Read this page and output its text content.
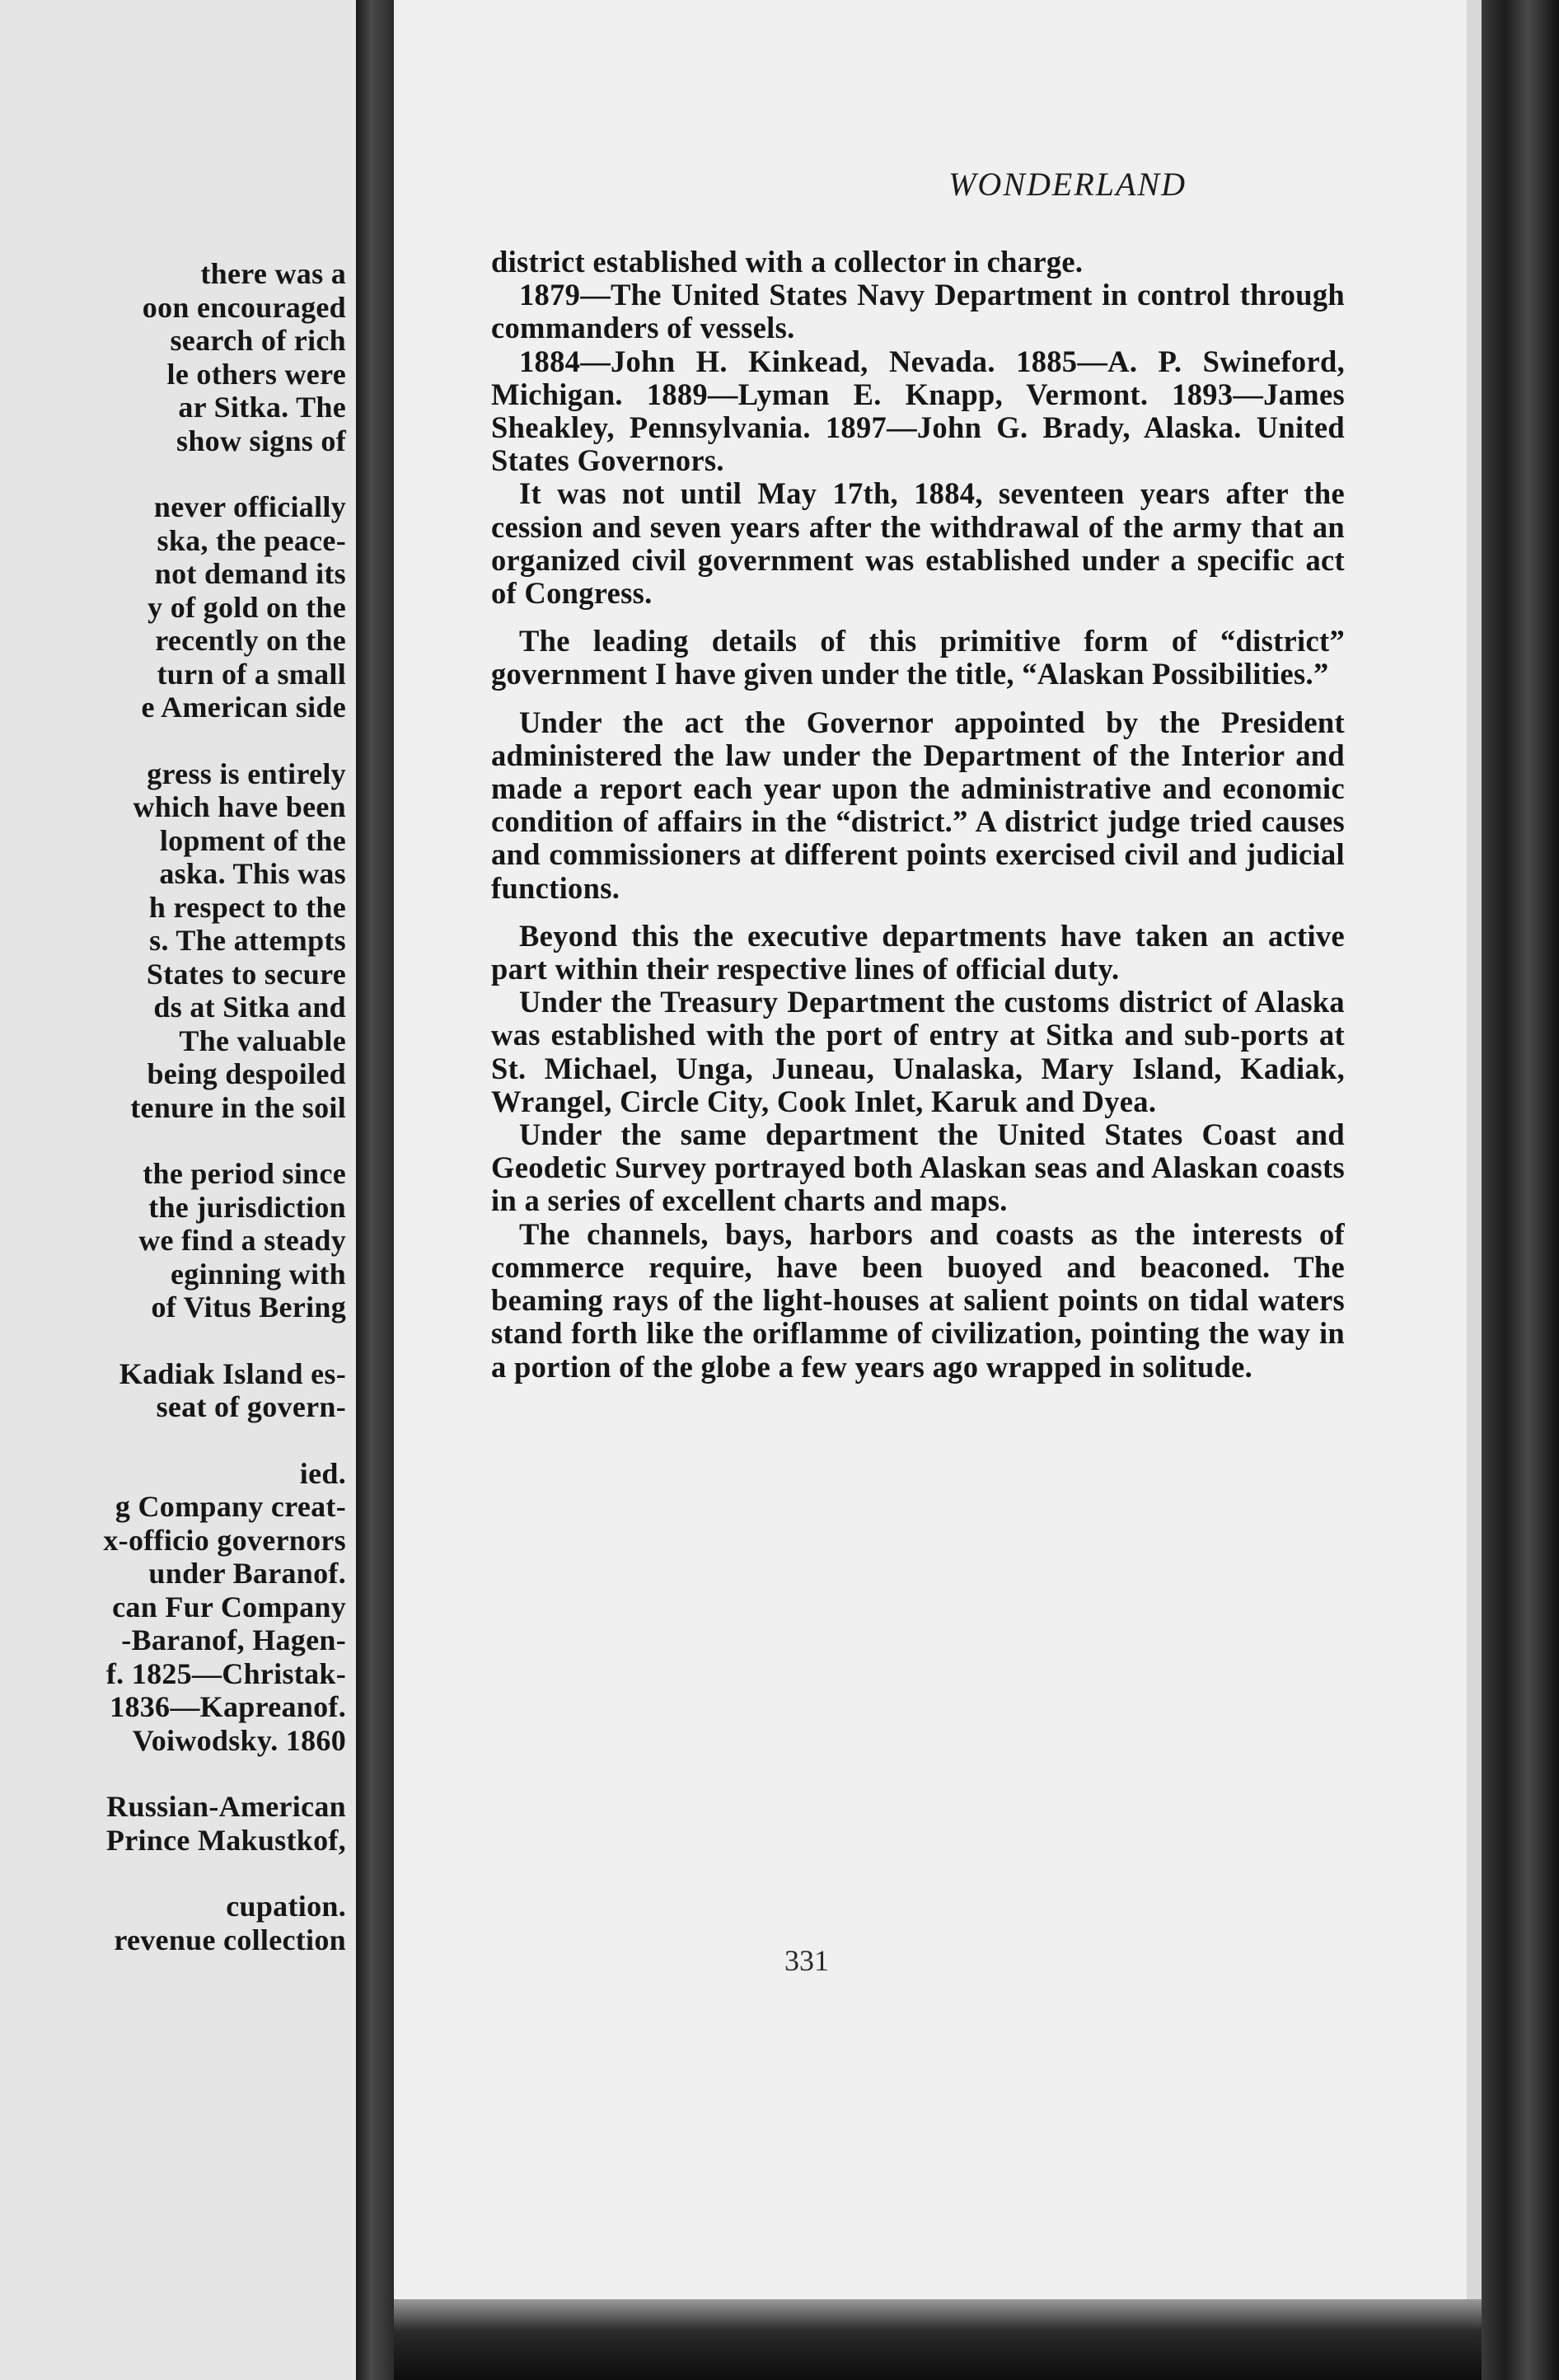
there was a
oon encouraged
search of rich
le others were
ar Sitka. The
show signs of
never officially
ska, the peace-
not demand its
y of gold on the
recently on the
turn of a small
e American side
gress is entirely
which have been
lopment of the
aska. This was
h respect to the
s. The attempts
States to secure
ds at Sitka and
The valuable
being despoiled
tenure in the soil
the period since
the jurisdiction
we find a steady
eginning with
of Vitus Bering
Kadiak Island es-
seat of govern-
ied.
g Company creat-
x-officio governors
under Baranof.
can Fur Company
-Baranof, Hagen-
f. 1825—Christak-
1836—Kapreanof.
Voiwodsky. 1860
Russian-American
Prince Makustkof,
cupation.
revenue collection
WONDERLAND

district established with a collector in charge.

1879—The United States Navy Department in control through commanders of vessels.

1884—John H. Kinkead, Nevada. 1885—A. P. Swineford, Michigan. 1889—Lyman E. Knapp, Vermont. 1893—James Sheakley, Pennsylvania. 1897—John G. Brady, Alaska. United States Governors.

It was not until May 17th, 1884, seventeen years after the cession and seven years after the withdrawal of the army that an organized civil government was established under a specific act of Congress.

The leading details of this primitive form of “district” government I have given under the title, “Alaskan Possibilities.”

Under the act the Governor appointed by the President administered the law under the Department of the Interior and made a report each year upon the administrative and economic condition of affairs in the “district.” A district judge tried causes and commissioners at different points exercised civil and judicial functions.

Beyond this the executive departments have taken an active part within their respective lines of official duty.

Under the Treasury Department the customs district of Alaska was established with the port of entry at Sitka and sub-ports at St. Michael, Unga, Juneau, Unalaska, Mary Island, Kadiak, Wrangel, Circle City, Cook Inlet, Karuk and Dyea.

Under the same department the United States Coast and Geodetic Survey portrayed both Alaskan seas and Alaskan coasts in a series of excellent charts and maps.

The channels, bays, harbors and coasts as the interests of commerce require, have been buoyed and beaconed. The beaming rays of the light-houses at salient points on tidal waters stand forth like the oriflamme of civilization, pointing the way in a portion of the globe a few years ago wrapped in solitude.

331
